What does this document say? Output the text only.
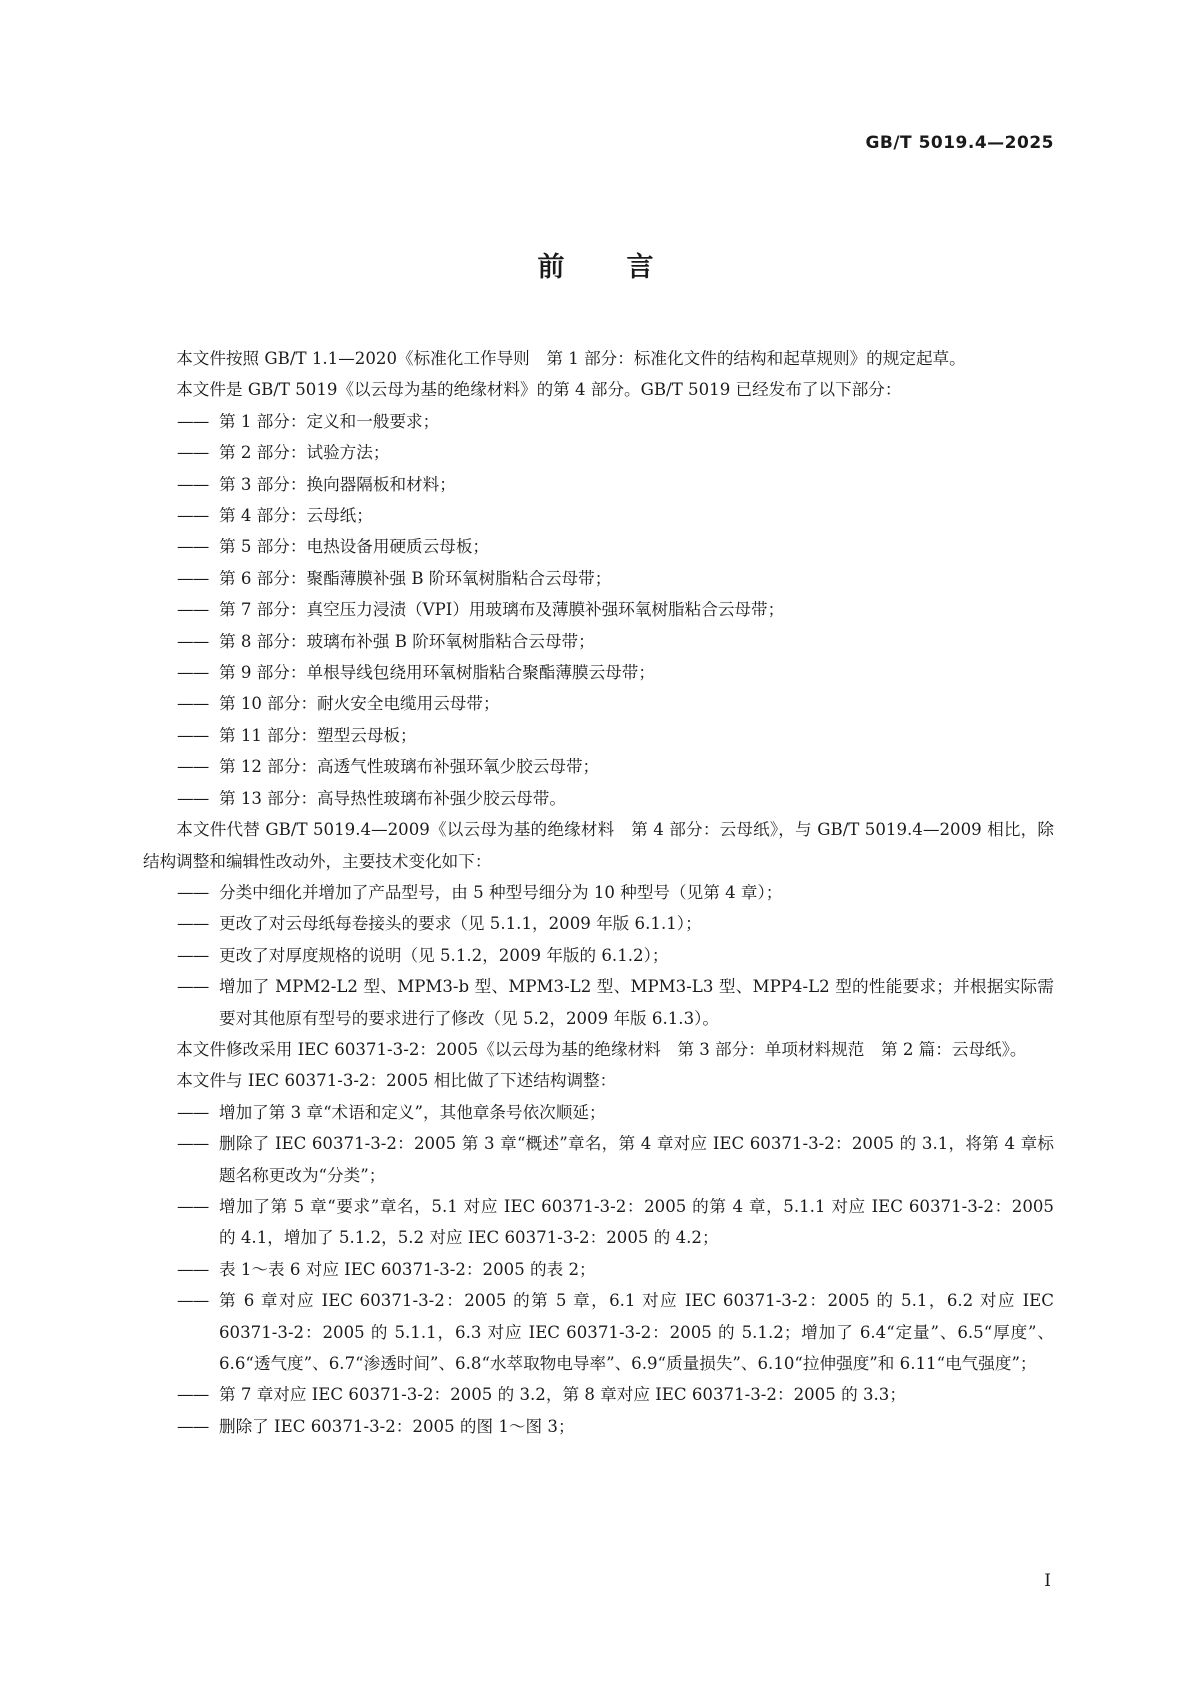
GB/T 5019.4—2025
前言

本文件按照 GB/T 1.1—2020《标准化工作导则　第 1 部分：标准化文件的结构和起草规则》的规定起草。

本文件是 GB/T 5019《以云母为基的绝缘材料》的第 4 部分。GB/T 5019 已经发布了以下部分：

—— 第 1 部分：定义和一般要求；
—— 第 2 部分：试验方法；
—— 第 3 部分：换向器隔板和材料；
—— 第 4 部分：云母纸；
—— 第 5 部分：电热设备用硬质云母板；
—— 第 6 部分：聚酯薄膜补强 B 阶环氧树脂粘合云母带；
—— 第 7 部分：真空压力浸渍（VPI）用玻璃布及薄膜补强环氧树脂粘合云母带；
—— 第 8 部分：玻璃布补强 B 阶环氧树脂粘合云母带；
—— 第 9 部分：单根导线包绕用环氧树脂粘合聚酯薄膜云母带；
—— 第 10 部分：耐火安全电缆用云母带；
—— 第 11 部分：塑型云母板；
—— 第 12 部分：高透气性玻璃布补强环氧少胶云母带；
—— 第 13 部分：高导热性玻璃布补强少胶云母带。

本文件代替 GB/T 5019.4—2009《以云母为基的绝缘材料　第 4 部分：云母纸》，与 GB/T 5019.4—2009 相比，除结构调整和编辑性改动外，主要技术变化如下：

—— 分类中细化并增加了产品型号，由 5 种型号细分为 10 种型号（见第 4 章）；
—— 更改了对云母纸每卷接头的要求（见 5.1.1，2009 年版 6.1.1）；
—— 更改了对厚度规格的说明（见 5.1.2，2009 年版的 6.1.2）；
—— 增加了 MPM2-L2 型、MPM3-b 型、MPM3-L2 型、MPM3-L3 型、MPP4-L2 型的性能要求；并根据实际需要对其他原有型号的要求进行了修改（见 5.2，2009 年版 6.1.3）。

本文件修改采用 IEC 60371-3-2：2005《以云母为基的绝缘材料　第 3 部分：单项材料规范　第 2 篇：云母纸》。

本文件与 IEC 60371-3-2：2005 相比做了下述结构调整：

—— 增加了第 3 章“术语和定义”，其他章条号依次顺延；
—— 删除了 IEC 60371-3-2：2005 第 3 章“概述”章名，第 4 章对应 IEC 60371-3-2：2005 的 3.1，将第 4 章标题名称更改为“分类”；
—— 增加了第 5 章“要求”章名，5.1 对应 IEC 60371-3-2：2005 的第 4 章，5.1.1 对应 IEC 60371-3-2：2005 的 4.1，增加了 5.1.2，5.2 对应 IEC 60371-3-2：2005 的 4.2；
—— 表 1～表 6 对应 IEC 60371-3-2：2005 的表 2；
—— 第 6 章对应 IEC 60371-3-2：2005 的第 5 章，6.1 对应 IEC 60371-3-2：2005 的 5.1，6.2 对应 IEC 60371-3-2：2005 的 5.1.1，6.3 对应 IEC 60371-3-2：2005 的 5.1.2；增加了 6.4“定量”、6.5“厚度”、6.6“透气度”、6.7“渗透时间”、6.8“水萃取物电导率”、6.9“质量损失”、6.10“拉伸强度”和 6.11“电气强度”；
—— 第 7 章对应 IEC 60371-3-2：2005 的 3.2，第 8 章对应 IEC 60371-3-2：2005 的 3.3；
—— 删除了 IEC 60371-3-2：2005 的图 1～图 3；
I
